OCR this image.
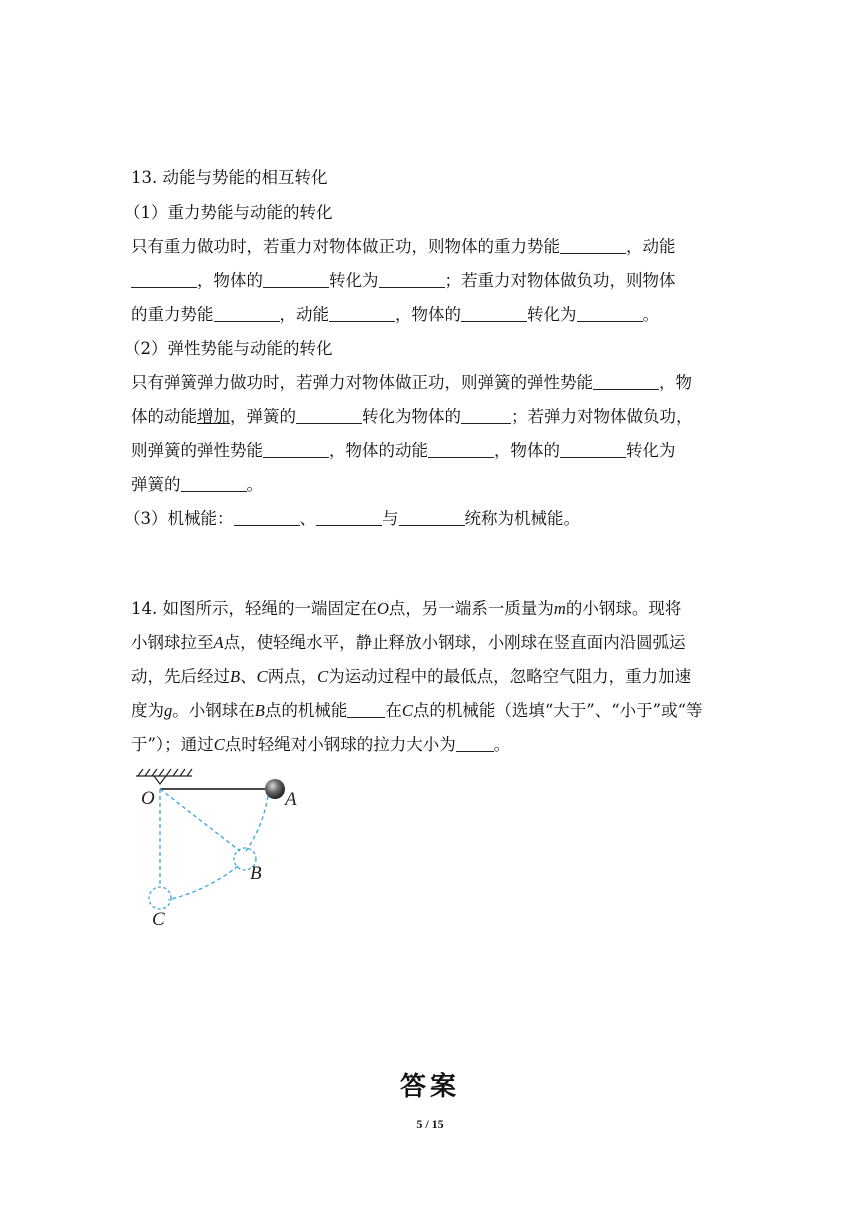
13. 动能与势能的相互转化
（1）重力势能与动能的转化
只有重力做功时，若重力对物体做正功，则物体的重力势能	，动能
，物体的	转化为	；若重力对物体做负功，则物体
的重力势能	，动能	，物体的	转化为	。
（2）弹性势能与动能的转化
只有弹簧弹力做功时，若弹力对物体做正功，则弹簧的弹性势能	，物
体的动能增加，弹簧的	转化为物体的	；若弹力对物体做负功，
则弹簧的弹性势能	，物体的动能	，物体的	转化为
弹簧的	。
（3）机械能：	、	与	统称为机械能。
14. 如图所示，轻绳的一端固定在O点，另一端系一质量为m的小钢球。现将
小钢球拉至A点，使轻绳水平，静止释放小钢球，小刚球在竖直面内沿圆弧运
动，先后经过B、C两点，C为运动过程中的最低点，忽略空气阻力，重力加速
度为g。小钢球在B点的机械能 在C点的机械能（选填“大于”、“小于”或“等
于”）；通过C点时轻绳对小钢球的拉力大小为 。
O	A
B
C
答案
5 / 15
